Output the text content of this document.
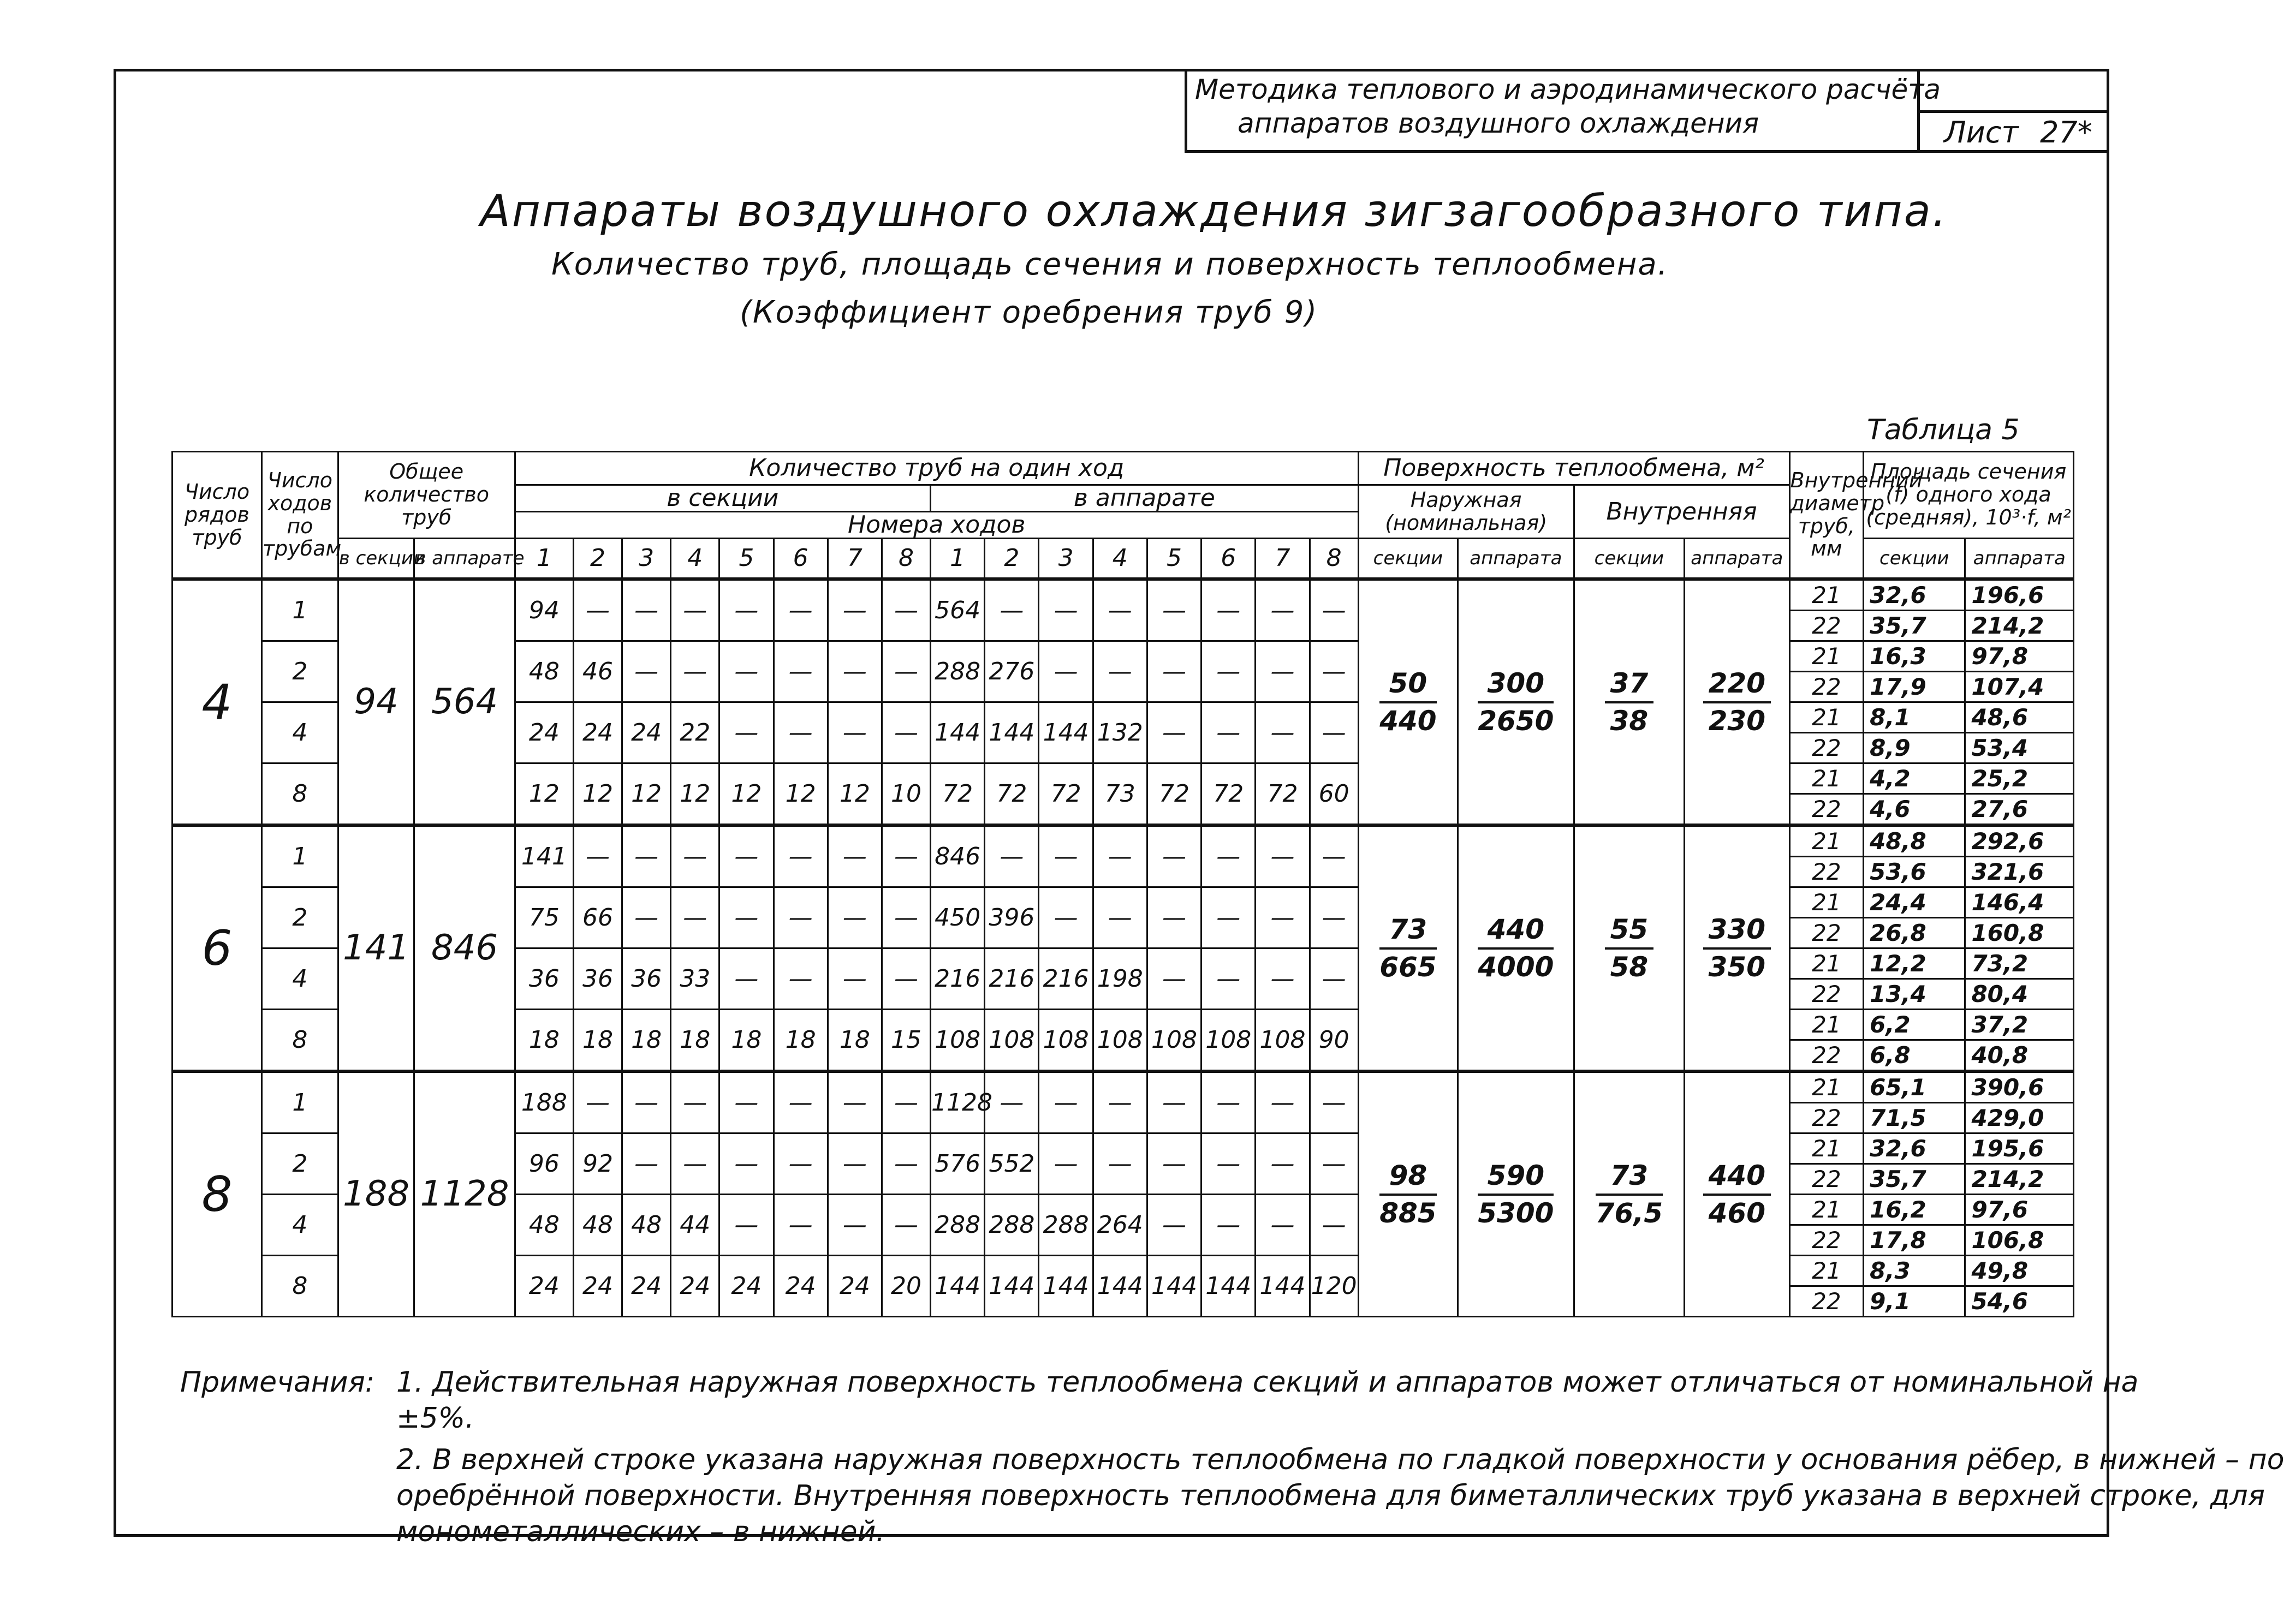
Методика теплового и аэродинамического расчёта
аппаратов воздушного охлаждения	Лист 27*
Аппараты воздушного охлаждения зигзагообразного типа.
Количество труб, площадь сечения и поверхность теплообмена.
(Коэффициент оребрения труб 9)
Таблица 5
Число рядов труб	Число ходов по трубам	Общее количество труб		Количество труб на один ход																Поверхность теплообмена, м²				Внутренний диаметр труб, мм	Площадь сечения (f) одного хода (средняя), 10³·f, м²	
				в секции								в аппарате								Наружная (номинальная)		Внутренняя				
				Номера ходов																						
		в секции	в аппарате	1	2	3	4	5	6	7	8	1	2	3	4	5	6	7	8	секции	аппарата	секции	аппарата		секции	аппарата
4	1	94	564	94	—	—	—	—	—	—	—	564	—	—	—	—	—	—	—	$\frac{50}{440}$	$\frac{300}{2650}$	$\frac{37}{38}$	$\frac{220}{230}$	21	32,6	196,6
																								22	35,7	214,2
	2			48	46	—	—	—	—	—	—	288	276	—	—	—	—	—	—					21	16,3	97,8
																								22	17,9	107,4
	4			24	24	24	22	—	—	—	—	144	144	144	132	—	—	—	—					21	8,1	48,6
																								22	8,9	53,4
	8			12	12	12	12	12	12	12	10	72	72	72	73	72	72	72	60					21	4,2	25,2
																								22	4,6	27,6
6	1	141	846	141	—	—	—	—	—	—	—	846	—	—	—	—	—	—	—	$\frac{73}{665}$	$\frac{440}{4000}$	$\frac{55}{58}$	$\frac{330}{350}$	21	48,8	292,6
																								22	53,6	321,6
	2			75	66	—	—	—	—	—	—	450	396	—	—	—	—	—	—					21	24,4	146,4
																								22	26,8	160,8
	4			36	36	36	33	—	—	—	—	216	216	216	198	—	—	—	—					21	12,2	73,2
																								22	13,4	80,4
	8			18	18	18	18	18	18	18	15	108	108	108	108	108	108	108	90					21	6,2	37,2
																								22	6,8	40,8
8	1	188	1128	188	—	—	—	—	—	—	—	1128	—	—	—	—	—	—	—	$\frac{98}{885}$	$\frac{590}{5300}$	$\frac{73}{76,5}$	$\frac{440}{460}$	21	65,1	390,6
																								22	71,5	429,0
	2			96	92	—	—	—	—	—	—	576	552	—	—	—	—	—	—					21	32,6	195,6
																								22	35,7	214,2
	4			48	48	48	44	—	—	—	—	288	288	288	264	—	—	—	—					21	16,2	97,6
																								22	17,8	106,8
	8			24	24	24	24	24	24	24	20	144	144	144	144	144	144	144	120					21	8,3	49,8
																								22	9,1	54,6
Примечания: 1. Действительная наружная поверхность теплообмена секций и аппаратов может отличаться от номинальной на ±5%.
2. В верхней строке указана наружная поверхность теплообмена по гладкой поверхности у основания рёбер, в нижней – по оребрённой поверхности. Внутренняя поверхность теплообмена для биметаллических труб указана в верхней строке, для монометаллических – в нижней.
